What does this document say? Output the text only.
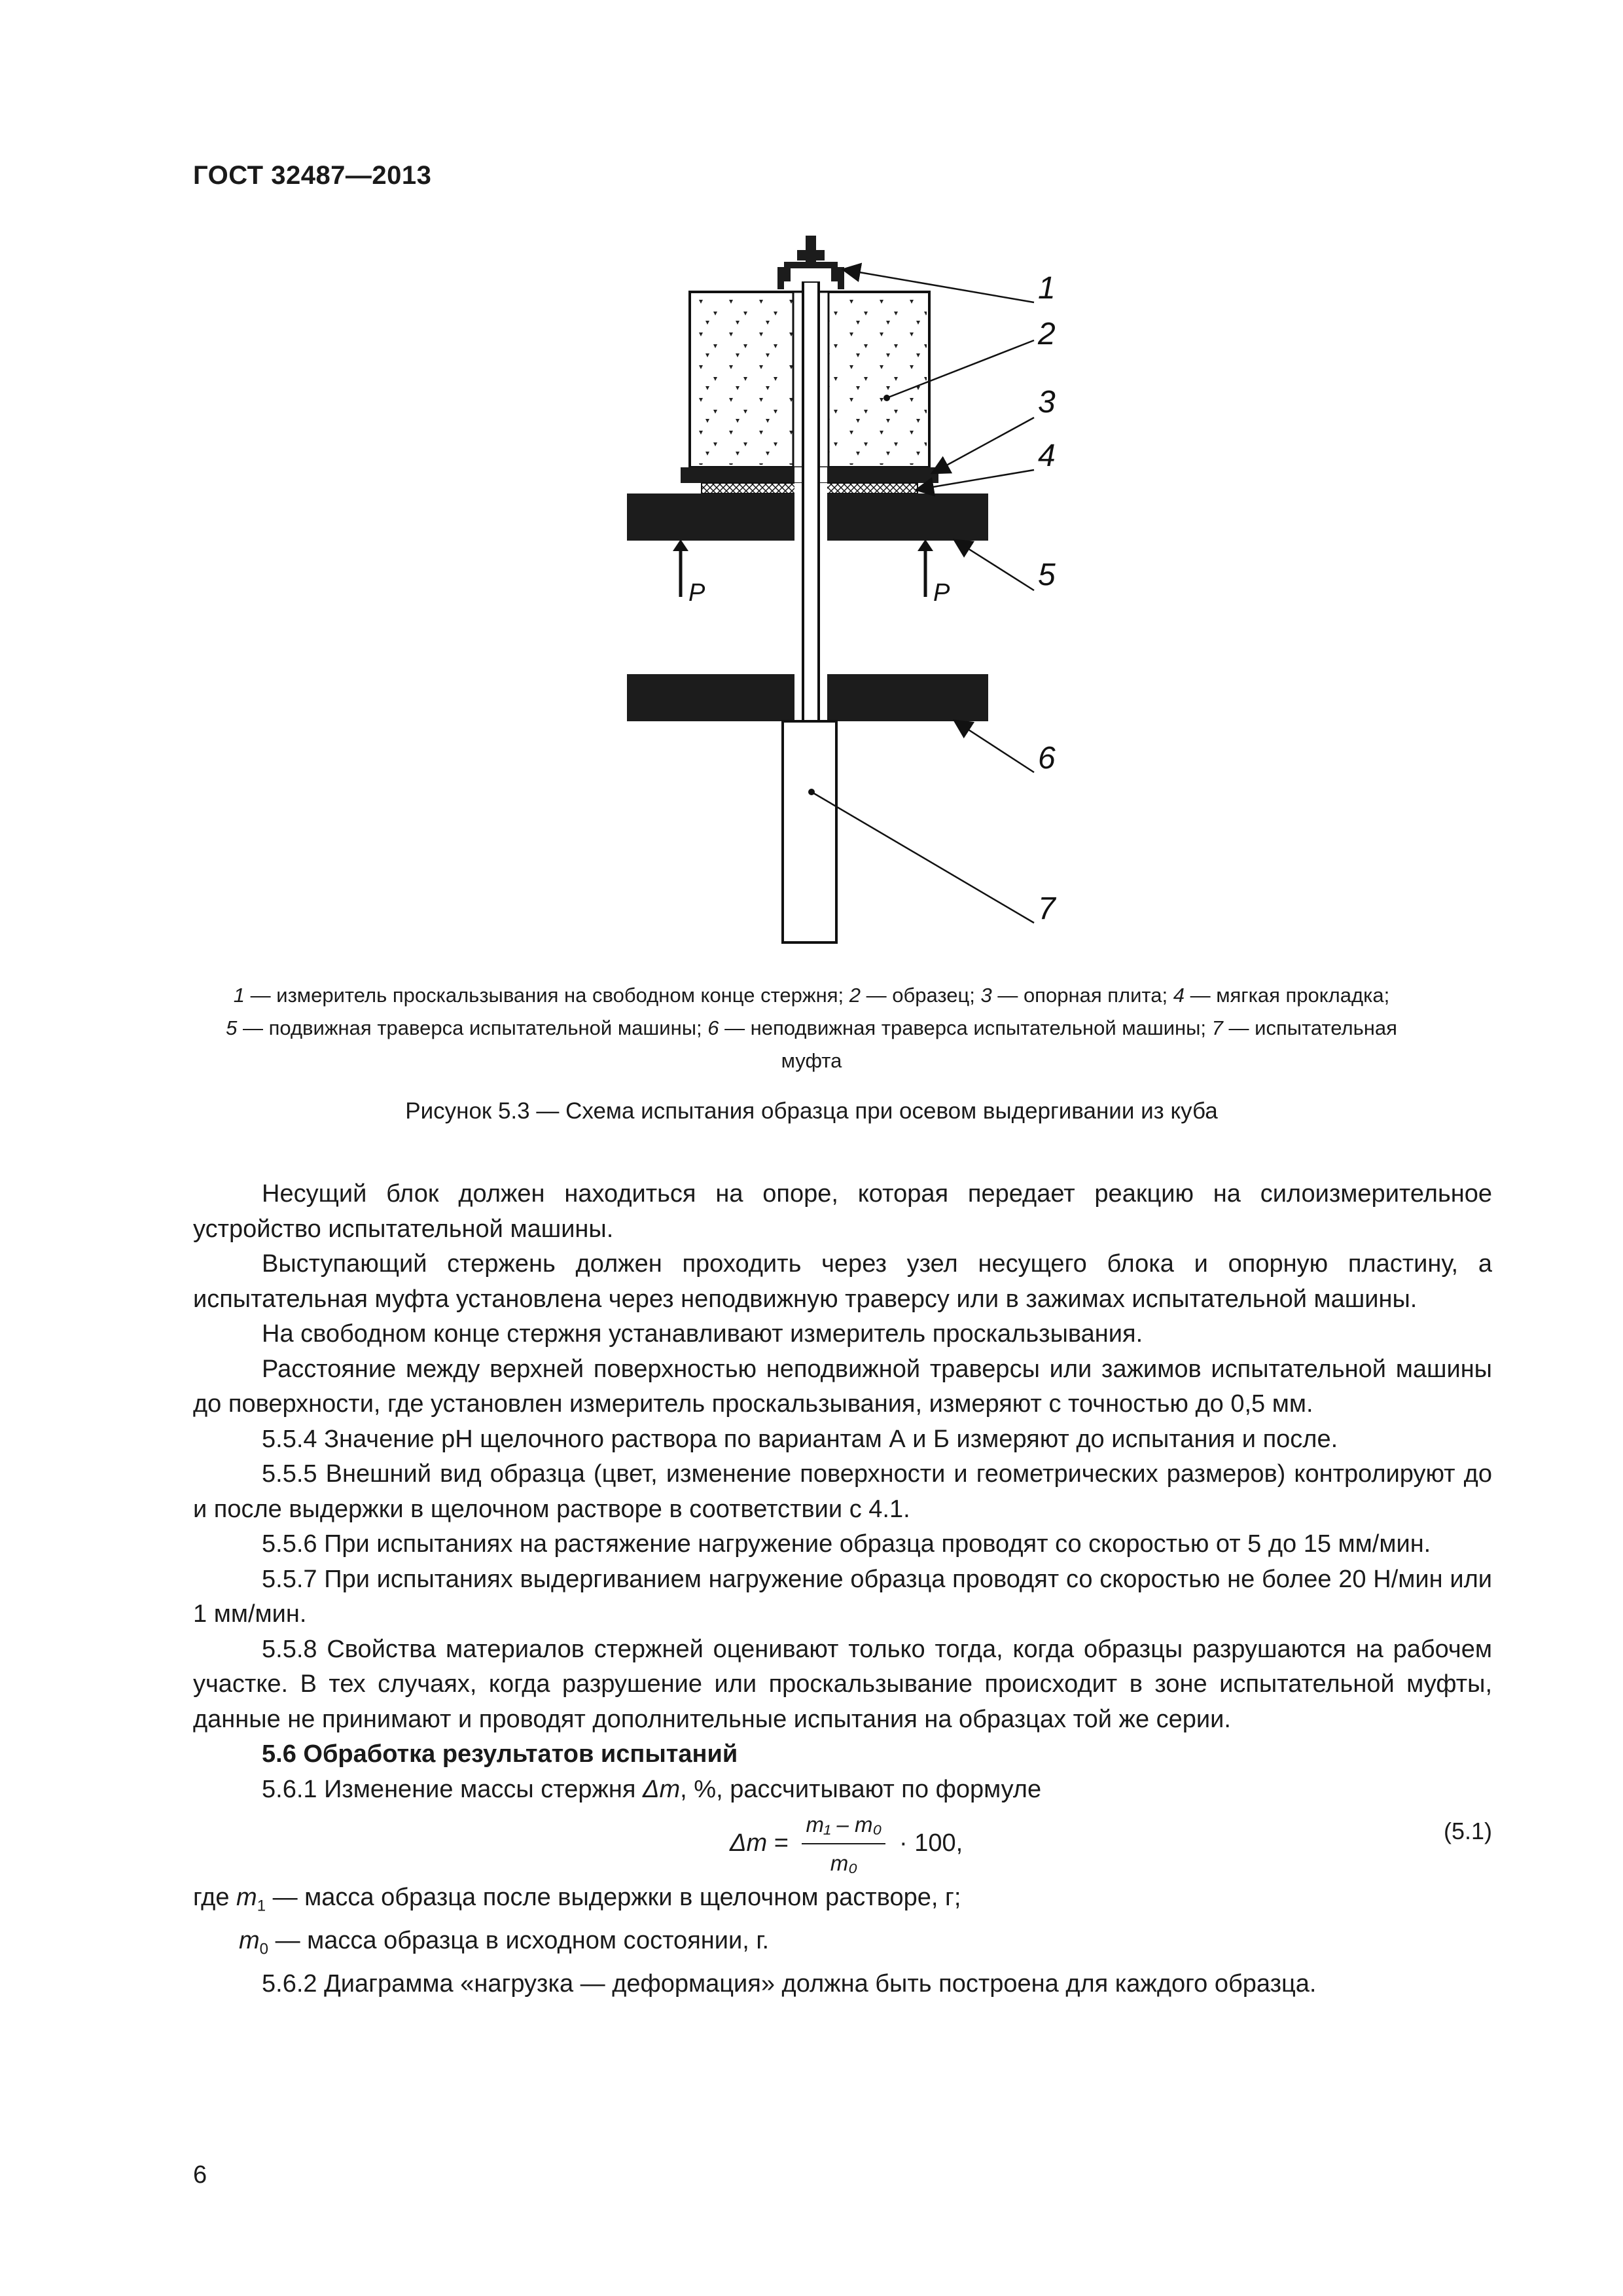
ГОСТ 32487—2013
P	P
1
2
3
4
5
6
7
1 — измеритель проскальзывания на свободном конце стержня; 2 — образец; 3 — опорная плита; 4 — мягкая прокладка;
5 — подвижная траверса испытательной машины; 6 — неподвижная траверса испытательной машины; 7 — испытательная
муфта
Рисунок 5.3 — Схема испытания образца при осевом выдергивании из куба

Несущий блок должен находиться на опоре, которая передает реакцию на силоизмерительное устройство испытательной машины.

Выступающий стержень должен проходить через узел несущего блока и опорную пластину, а испытательная муфта установлена через неподвижную траверсу или в зажимах испытательной машины.

На свободном конце стержня устанавливают измеритель проскальзывания.

Расстояние между верхней поверхностью неподвижной траверсы или зажимов испытательной машины до поверхности, где установлен измеритель проскальзывания, измеряют с точностью до 0,5 мм.

5.5.4 Значение рН щелочного раствора по вариантам А и Б измеряют до испытания и после.

5.5.5 Внешний вид образца (цвет, изменение поверхности и геометрических размеров) контролируют до и после выдержки в щелочном растворе в соответствии с 4.1.

5.5.6 При испытаниях на растяжение нагружение образца проводят со скоростью от 5 до 15 мм/мин.

5.5.7 При испытаниях выдергиванием нагружение образца проводят со скоростью не более 20 Н/мин или 1 мм/мин.

5.5.8 Свойства материалов стержней оценивают только тогда, когда образцы разрушаются на рабочем участке. В тех случаях, когда разрушение или проскальзывание происходит в зоне испытательной муфты, данные не принимают и проводят дополнительные испытания на образцах той же серии.

5.6 Обработка результатов испытаний

5.6.1 Изменение массы стержня Δm, %, рассчитывают по формуле

$\Delta m = \frac{\text{m₁ – m₀}}{\text{m₀}} \cdot 100$,	(5.1)

где $m_1$ — масса образца после выдержки в щелочном растворе, г;

$m_0$ — масса образца в исходном состоянии, г.

5.6.2 Диаграмма «нагрузка — деформация» должна быть построена для каждого образца.

6
